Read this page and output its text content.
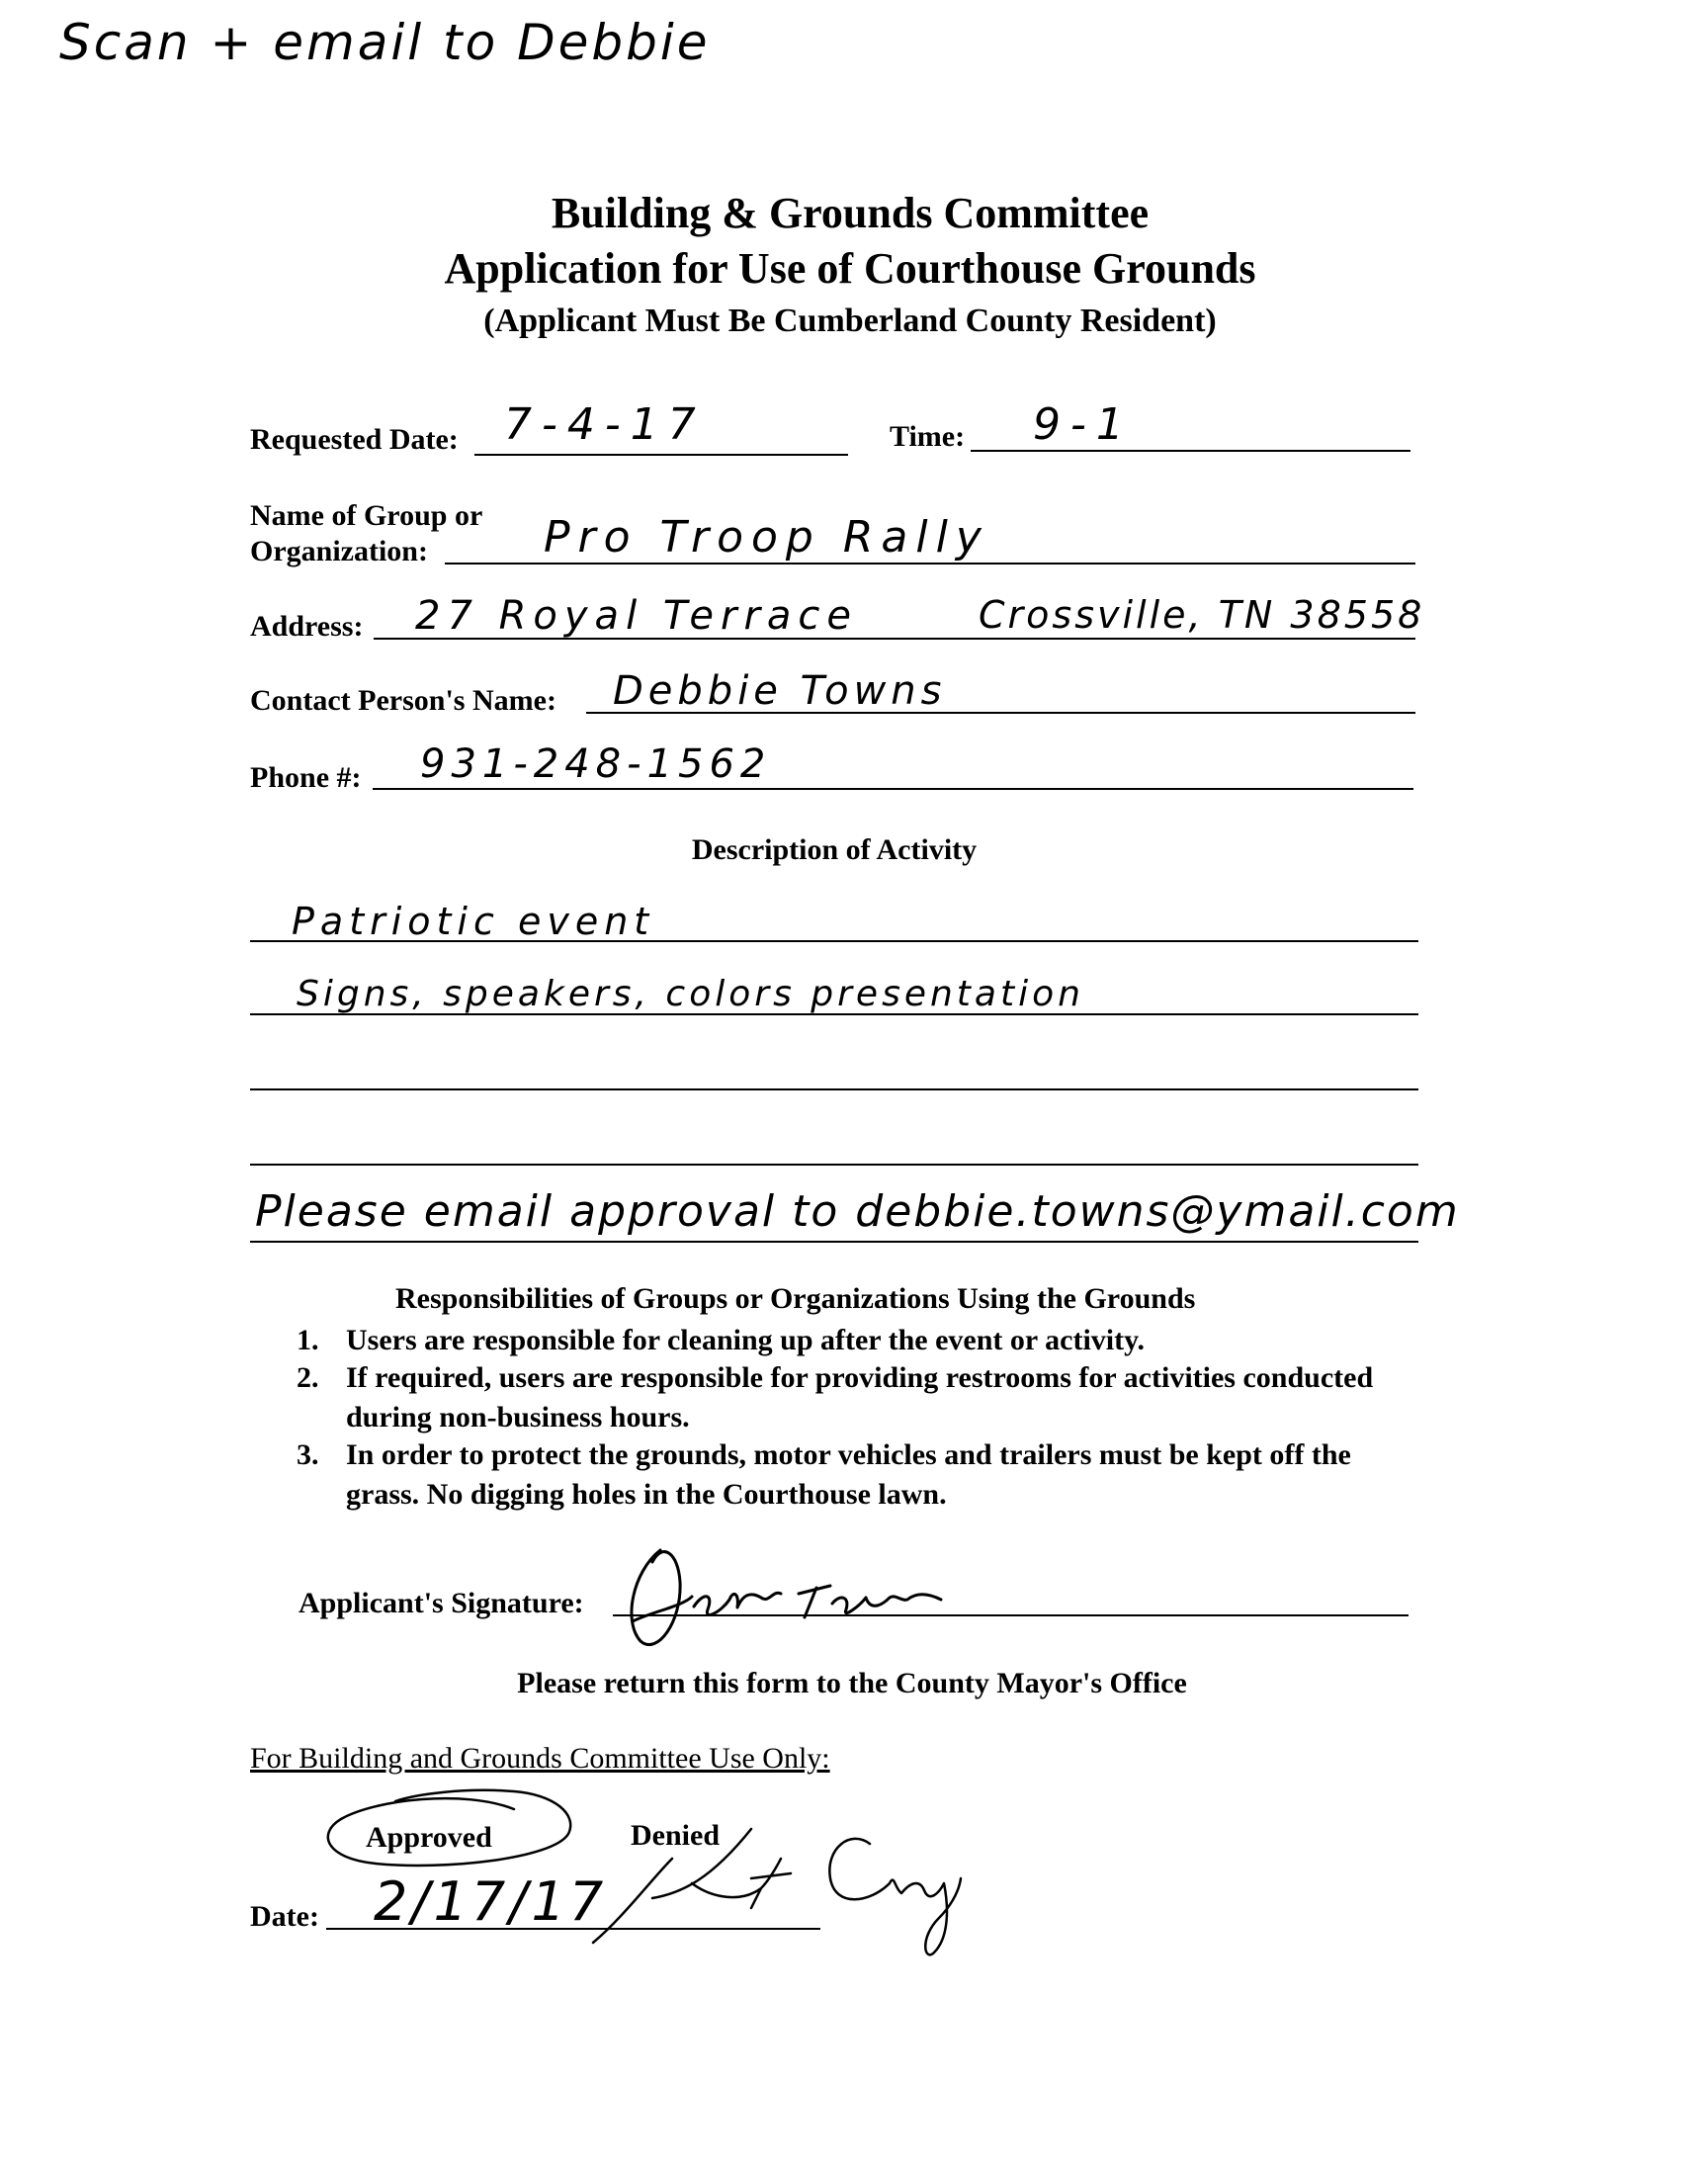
Scan + email to Debbie
Building & Grounds Committee
Application for Use of Courthouse Grounds
(Applicant Must Be Cumberland County Resident)
Requested Date: 7-4-17	Time: 9-1
Name of Group or
Organization:	Pro Troop Rally
Address: 27 Royal Terrace	Crossville, TN 38558
Contact Person's Name: Debbie Towns
Phone #: 931-248-1562
Description of Activity
Patriotic event
Signs, speakers, colors presentation
Please email approval to debbie.towns@ymail.com
Responsibilities of Groups or Organizations Using the Grounds
1. Users are responsible for cleaning up after the event or activity.
2. If required, users are responsible for providing restrooms for activities conducted during non-business hours.
3. In order to protect the grounds, motor vehicles and trailers must be kept off the grass. No digging holes in the Courthouse lawn.
Applicant's Signature:
Please return this form to the County Mayor's Office
For Building and Grounds Committee Use Only:
Approved	Denied
Date: 2/17/17
